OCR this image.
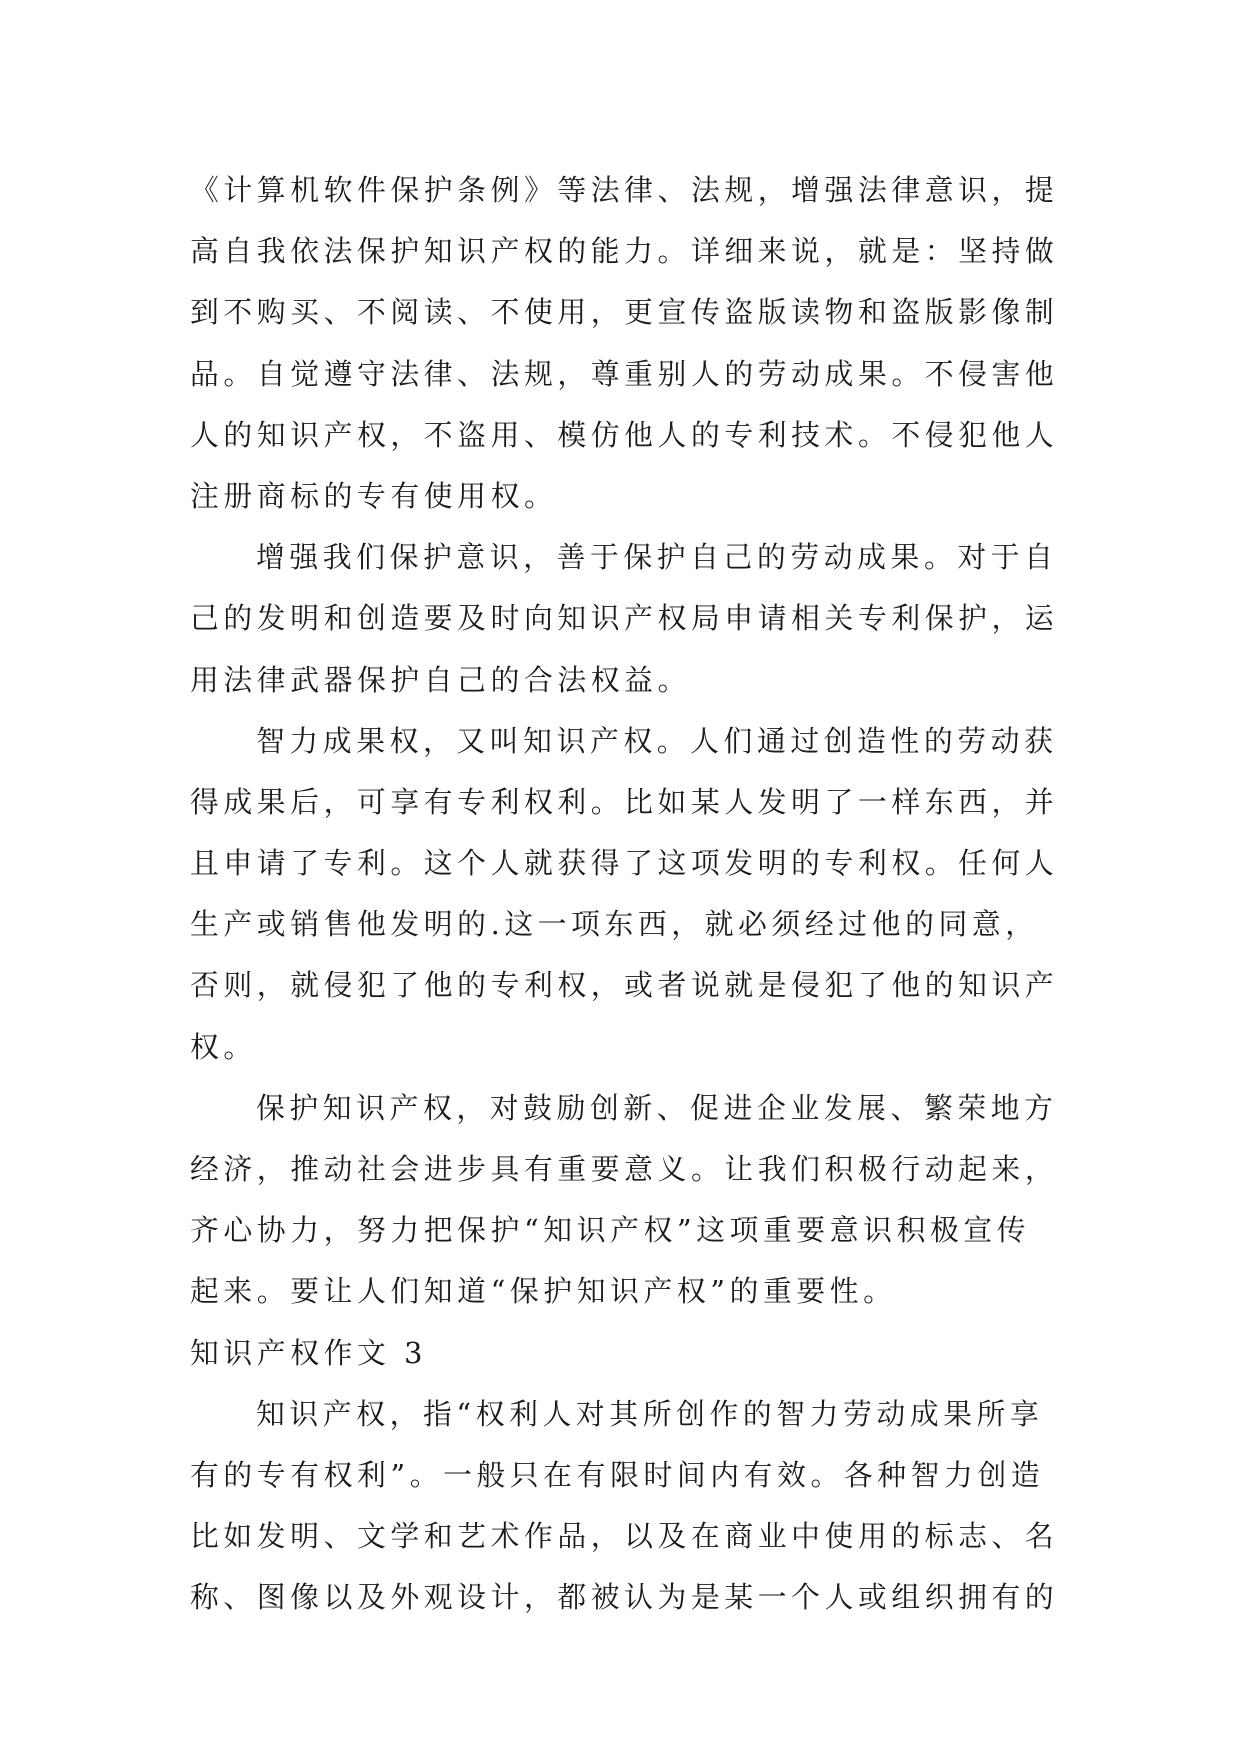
《计算机软件保护条例》等法律、法规，增强法律意识，提
高自我依法保护知识产权的能力。详细来说，就是：坚持做
到不购买、不阅读、不使用，更宣传盗版读物和盗版影像制
品。自觉遵守法律、法规，尊重别人的劳动成果。不侵害他
人的知识产权，不盗用、模仿他人的专利技术。不侵犯他人
注册商标的专有使用权。
增强我们保护意识，善于保护自己的劳动成果。对于自
己的发明和创造要及时向知识产权局申请相关专利保护，运
用法律武器保护自己的合法权益。
智力成果权，又叫知识产权。人们通过创造性的劳动获
得成果后，可享有专利权利。比如某人发明了一样东西，并
且申请了专利。这个人就获得了这项发明的专利权。任何人
生产或销售他发明的.这一项东西，就必须经过他的同意，
否则，就侵犯了他的专利权，或者说就是侵犯了他的知识产
权。
保护知识产权，对鼓励创新、促进企业发展、繁荣地方
经济，推动社会进步具有重要意义。让我们积极行动起来，
齐心协力，努力把保护“知识产权”这项重要意识积极宣传
起来。要让人们知道“保护知识产权”的重要性。
知识产权作文 3
知识产权，指“权利人对其所创作的智力劳动成果所享
有的专有权利”。一般只在有限时间内有效。各种智力创造
比如发明、文学和艺术作品，以及在商业中使用的标志、名
称、图像以及外观设计，都被认为是某一个人或组织拥有的
